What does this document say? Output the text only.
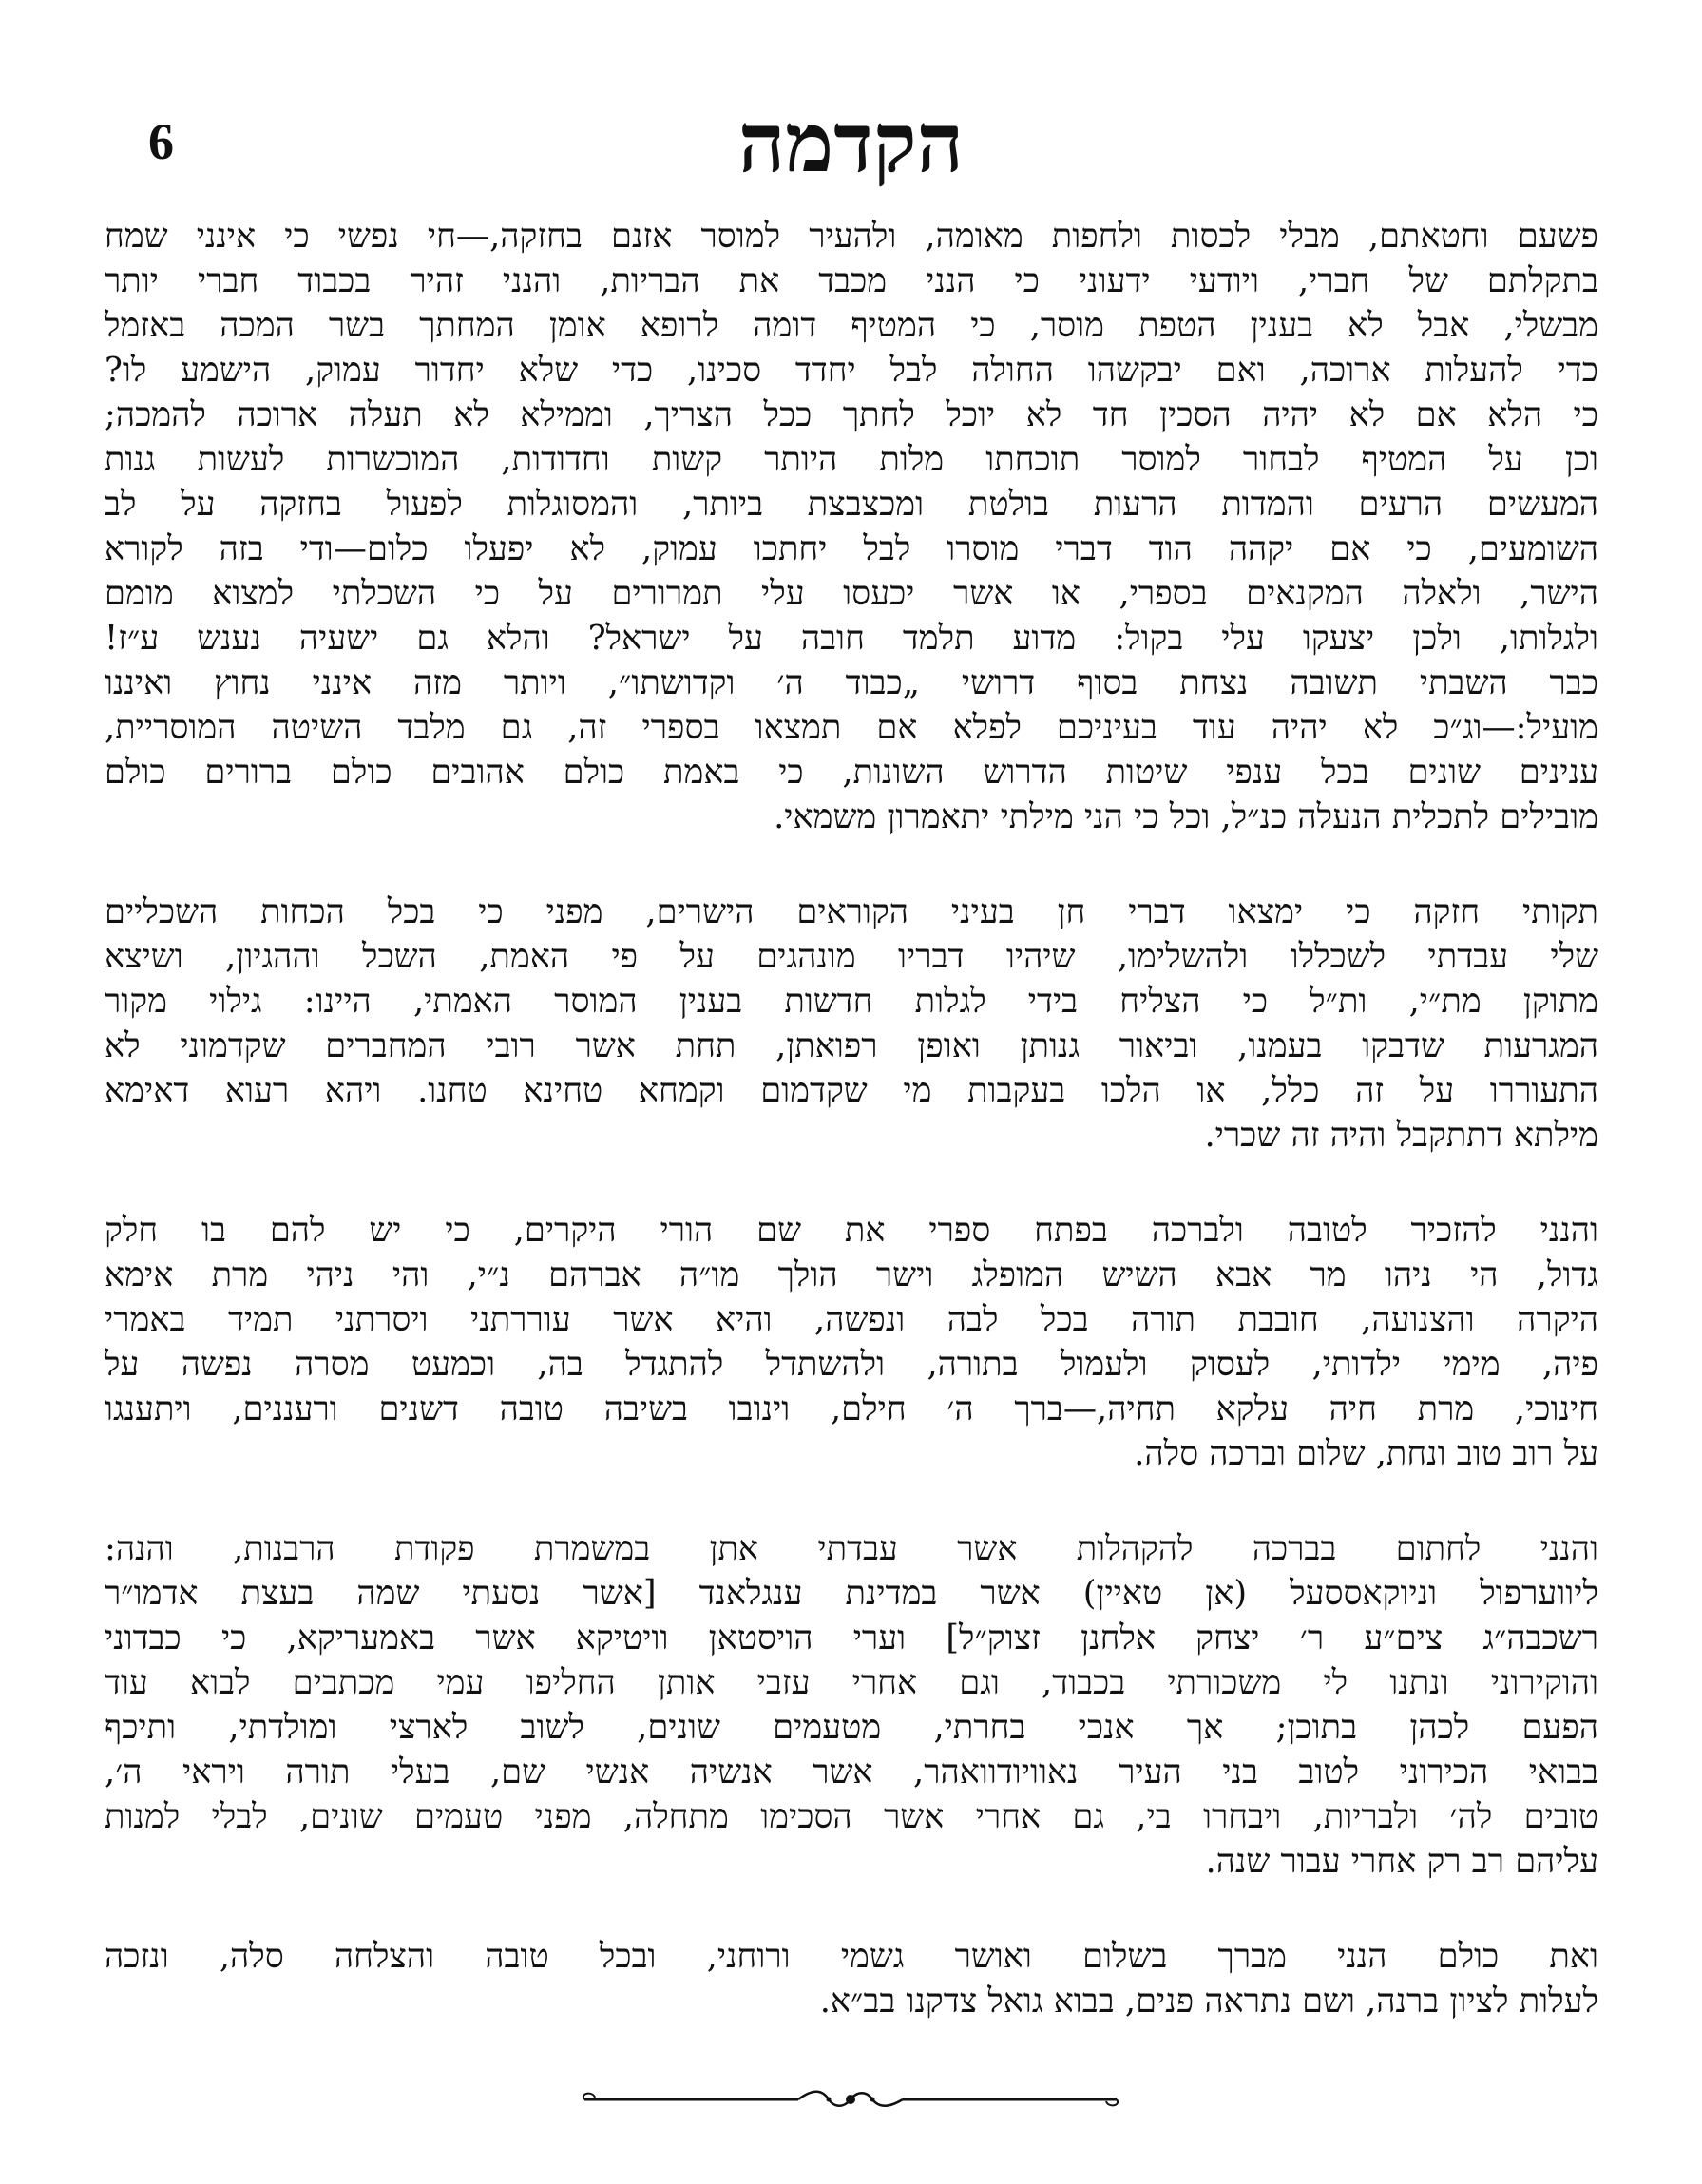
6	הקדמה
פשעם וחטאתם, מבלי לכסות ולחפות מאומה, ולהעיר למוסר אזנם בחזקה,—חי נפשי כי אינני שמח
בתקלתם של חברי, ויודעי ידעוני כי הנני מכבד את הבריות, והנני זהיר בכבוד חברי יותר
מבשלי, אבל לא בענין הטפת מוסר, כי המטיף דומה לרופא אומן המחתך בשר המכה באזמל
כדי להעלות ארוכה, ואם יבקשהו החולה לבל יחדד סכינו, כדי שלא יחדור עמוק, הישמע לו?
כי הלא אם לא יהיה הסכין חד לא יוכל לחתך ככל הצריך, וממילא לא תעלה ארוכה להמכה;
וכן על המטיף לבחור למוסר תוכחתו מלות היותר קשות וחדודות, המוכשרות לעשות גנות
המעשים הרעים והמדות הרעות בולטת ומכצבצת ביותר, והמסוגלות לפעול בחזקה על לב
השומעים, כי אם יקהה הוד דברי מוסרו לבל יחתכו עמוק, לא יפעלו כלום—ודי בזה לקורא
הישר, ולאלה המקנאים בספרי, או אשר יכעסו עלי תמרורים על כי השכלתי למצוא מומם
ולגלותו, ולכן יצעקו עלי בקול: מדוע תלמד חובה על ישראל? והלא גם ישעיה נענש ע״ז!
כבר השבתי תשובה נצחת בסוף דרושי „כבוד ה׳ וקדושתו״, ויותר מזה אינני נחוץ ואיננו
מועיל:—וג״כ לא יהיה עוד בעיניכם לפלא אם תמצאו בספרי זה, גם מלבד השיטה המוסריית,
ענינים שונים בכל ענפי שיטות הדרוש השונות, כי באמת כולם אהובים כולם ברורים כולם
מובילים לתכלית הנעלה כנ״ל, וכל כי הני מילתי יתאמרון משמאי.
תקותי חזקה כי ימצאו דברי חן בעיני הקוראים הישרים, מפני כי בכל הכחות השכליים
שלי עבדתי לשכללו ולהשלימו, שיהיו דבריו מונהגים על פי האמת, השכל וההגיון, ושיצא
מתוקן מת״י, ות״ל כי הצליח בידי לגלות חדשות בענין המוסר האמתי, היינו: גילוי מקור
המגרעות שדבקו בעמנו, וביאור גנותן ואופן רפואתן, תחת אשר רובי המחברים שקדמוני לא
התעוררו על זה כלל, או הלכו בעקבות מי שקדמום וקמחא טחינא טחנו. ויהא רעוא דאימא
מילתא דתתקבל והיה זה שכרי.
והנני להזכיר לטובה ולברכה בפתח ספרי את שם הורי היקרים, כי יש להם בו חלק
גדול, הי ניהו מר אבא השיש המופלג וישר הולך מו״ה אברהם נ״י, והי ניהי מרת אימא
היקרה והצנועה, חובבת תורה בכל לבה ונפשה, והיא אשר עוררתני ויסרתני תמיד באמרי
פיה, מימי ילדותי, לעסוק ולעמול בתורה, ולהשתדל להתגדל בה, וכמעט מסרה נפשה על
חינוכי, מרת חיה עלקא תחיה,—ברך ה׳ חילם, וינובו בשיבה טובה דשנים ורעננים, ויתענגו
על רוב טוב ונחת, שלום וברכה סלה.
והנני לחתום בברכה להקהלות אשר עבדתי אתן במשמרת פקודת הרבנות, והנה:
ליווערפול וניוקאססעל (אן טאיין) אשר במדינת ענגלאנד [אשר נסעתי שמה בעצת אדמו״ר
רשכבה״ג צים״ע ר׳ יצחק אלחנן זצוק״ל] וערי הויסטאן וויטיקא אשר באמעריקא, כי כבדוני
והוקירוני ונתנו לי משכורתי בכבוד, וגם אחרי עזבי אותן החליפו עמי מכתבים לבוא עוד
הפעם לכהן בתוכן; אך אנכי בחרתי, מטעמים שונים, לשוב לארצי ומולדתי, ותיכף
בבואי הכירוני לטוב בני העיר נאוויודוואהר, אשר אנשיה אנשי שם, בעלי תורה ויראי ה׳,
טובים לה׳ ולבריות, ויבחרו בי, גם אחרי אשר הסכימו מתחלה, מפני טעמים שונים, לבלי למנות
עליהם רב רק אחרי עבור שנה.
ואת כולם הנני מברך בשלום ואושר גשמי ורוחני, ובכל טובה והצלחה סלה, ונזכה
לעלות לציון ברנה, ושם נתראה פנים, בבוא גואל צדקנו בב״א.
